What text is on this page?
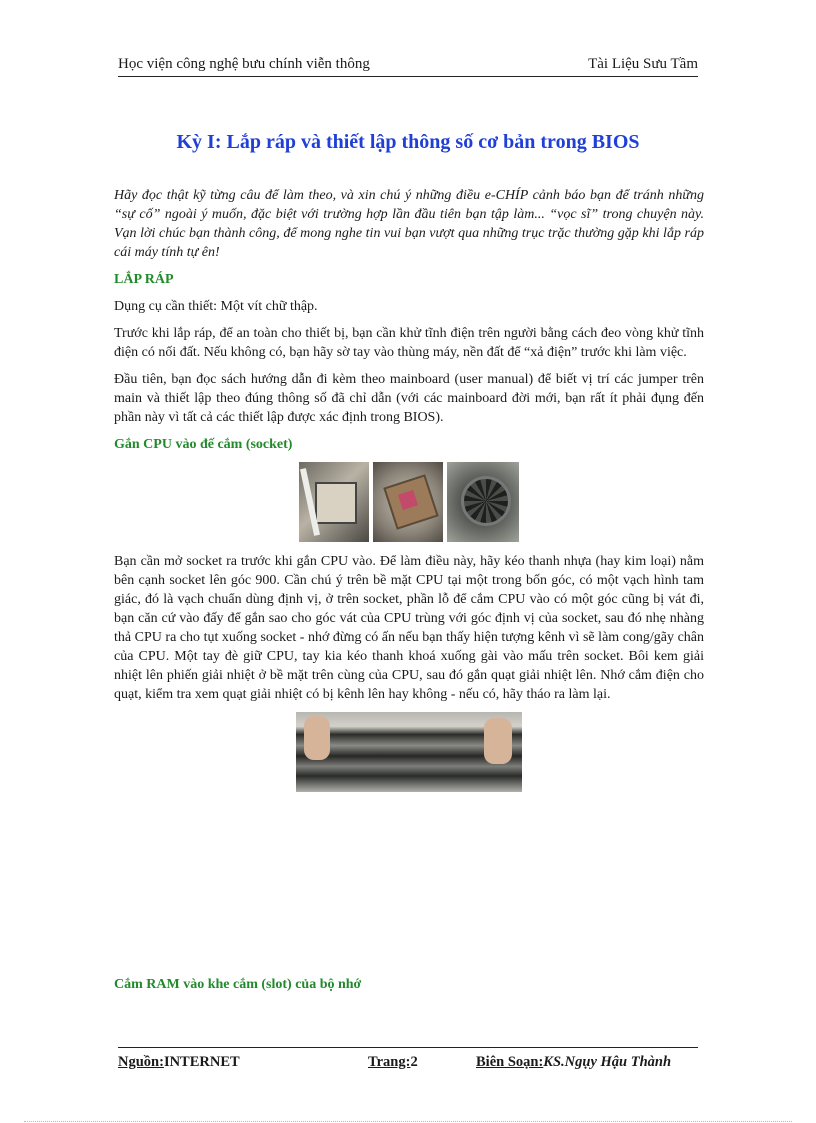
Học viện công nghệ bưu chính viễn thông	Tài Liệu Sưu Tầm
Kỳ I: Lắp ráp và thiết lập thông số cơ bản trong BIOS

Hãy đọc thật kỹ từng câu để làm theo, và xin chú ý những điều e-CHÍP cảnh báo bạn để tránh những “sự cố” ngoài ý muốn, đặc biệt với trường hợp lần đầu tiên bạn tập làm... “vọc sĩ” trong chuyện này. Vạn lời chúc bạn thành công, để mong nghe tin vui bạn vượt qua những trục trặc thường gặp khi lắp ráp cái máy tính tự ên!

LẮP RÁP

Dụng cụ cần thiết: Một vít chữ thập.

Trước khi lắp ráp, để an toàn cho thiết bị, bạn cần khử tĩnh điện trên người bằng cách đeo vòng khử tĩnh điện có nối đất. Nếu không có, bạn hãy sờ tay vào thùng máy, nền đất để “xả điện” trước khi làm việc.

Đầu tiên, bạn đọc sách hướng dẫn đi kèm theo mainboard (user manual) để biết vị trí các jumper trên main và thiết lập theo đúng thông số đã chỉ dẫn (với các mainboard đời mới, bạn rất ít phải đụng đến phần này vì tất cả các thiết lập được xác định trong BIOS).

Gắn CPU vào đế cắm (socket)

Bạn cần mở socket ra trước khi gắn CPU vào. Để làm điều này, hãy kéo thanh nhựa (hay kim loại) nằm bên cạnh socket lên góc 900. Cần chú ý trên bề mặt CPU tại một trong bốn góc, có một vạch hình tam giác, đó là vạch chuẩn dùng định vị, ở trên socket, phần lỗ để cắm CPU vào có một góc cũng bị vát đi, bạn căn cứ vào đấy để gắn sao cho góc vát của CPU trùng với góc định vị của socket, sau đó nhẹ nhàng thả CPU ra cho tụt xuống socket - nhớ đừng có ấn nếu bạn thấy hiện tượng kênh vì sẽ làm cong/gãy chân của CPU. Một tay đè giữ CPU, tay kia kéo thanh khoá xuống gài vào mấu trên socket. Bôi kem giải nhiệt lên phiến giải nhiệt ở bề mặt trên cùng của CPU, sau đó gắn quạt giải nhiệt lên. Nhớ cắm điện cho quạt, kiểm tra xem quạt giải nhiệt có bị kênh lên hay không - nếu có, hãy tháo ra làm lại.

Cắm RAM vào khe cắm (slot) của bộ nhớ
Nguồn:INTERNET	Trang:2	Biên Soạn:KS.Ngụy Hậu Thành
